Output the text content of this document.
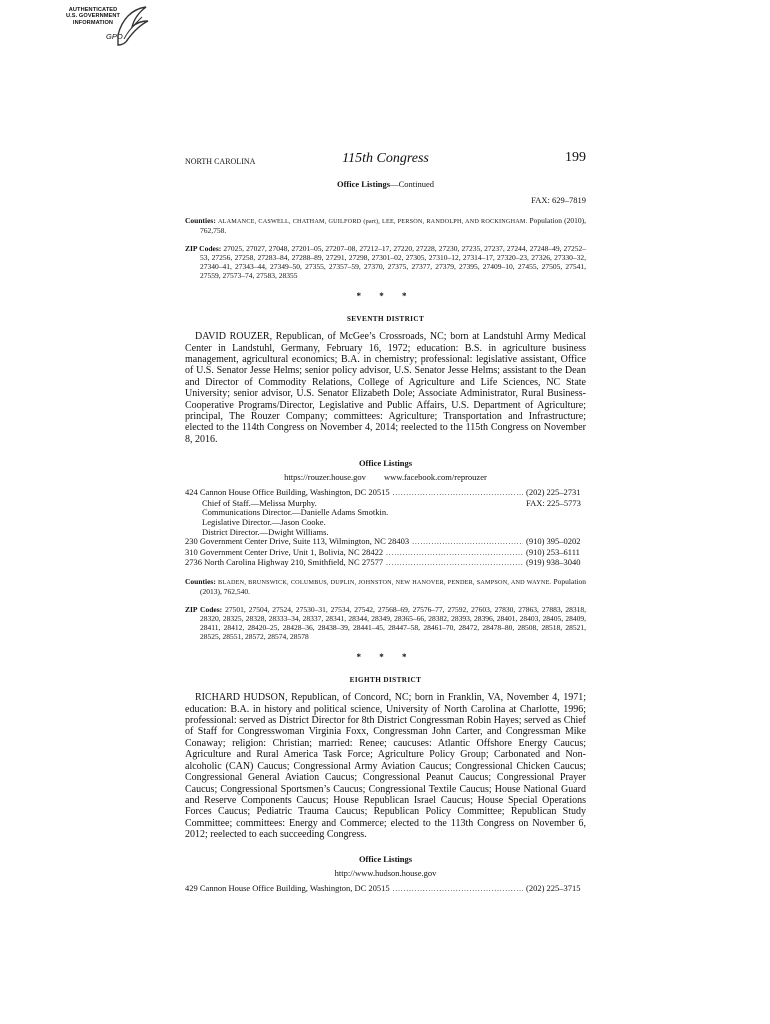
AUTHENTICATED
U.S. GOVERNMENT
INFORMATION
GPO
NORTH CAROLINA	115th Congress	199
Office Listings—Continued
FAX: 629–7819
Counties: ALAMANCE, CASWELL, CHATHAM, GUILFORD (part), LEE, PERSON, RANDOLPH, AND ROCKINGHAM. Population (2010), 762,758.
ZIP Codes: 27025, 27027, 27048, 27201–05, 27207–08, 27212–17, 27220, 27228, 27230, 27235, 27237, 27244, 27248–49, 27252–53, 27256, 27258, 27283–84, 27288–89, 27291, 27298, 27301–02, 27305, 27310–12, 27314–17, 27320–23, 27326, 27330–32, 27340–41, 27343–44, 27349–50, 27355, 27357–59, 27370, 27375, 27377, 27379, 27395, 27409–10, 27455, 27505, 27541, 27559, 27573–74, 27583, 28355
* * *
SEVENTH DISTRICT
DAVID ROUZER, Republican, of McGee’s Crossroads, NC; born at Landstuhl Army Medical Center in Landstuhl, Germany, February 16, 1972; education: B.S. in agriculture business management, agricultural economics; B.A. in chemistry; professional: legislative assistant, Office of U.S. Senator Jesse Helms; senior policy advisor, U.S. Senator Jesse Helms; assistant to the Dean and Director of Commodity Relations, College of Agriculture and Life Sciences, NC State University; senior advisor, U.S. Senator Elizabeth Dole; Associate Administrator, Rural Business-Cooperative Programs/Director, Legislative and Public Affairs, U.S. Department of Agriculture; principal, The Rouzer Company; committees: Agriculture; Transportation and Infrastructure; elected to the 114th Congress on November 4, 2014; reelected to the 115th Congress on November 8, 2016.
Office Listings
https://rouzer.house.gov www.facebook.com/reprouzer
424 Cannon House Office Building, Washington, DC 20515 .....	(202) 225–2731
Chief of Staff.—Melissa Murphy.	FAX: 225–5773
Communications Director.—Danielle Adams Smotkin.
Legislative Director.—Jason Cooke.
District Director.—Dwight Williams.
230 Government Center Drive, Suite 113, Wilmington, NC 28403 .....	(910) 395–0202
310 Government Center Drive, Unit 1, Bolivia, NC 28422 .....	(910) 253–6111
2736 North Carolina Highway 210, Smithfield, NC 27577 .....	(919) 938–3040
Counties: BLADEN, BRUNSWICK, COLUMBUS, DUPLIN, JOHNSTON, NEW HANOVER, PENDER, SAMPSON, AND WAYNE. Population (2013), 762,540.
ZIP Codes: 27501, 27504, 27524, 27530–31, 27534, 27542, 27568–69, 27576–77, 27592, 27603, 27830, 27863, 27883, 28318, 28320, 28325, 28328, 28333–34, 28337, 28341, 28344, 28349, 28365–66, 28382, 28393, 28396, 28401, 28403, 28405, 28409, 28411, 28412, 28420–25, 28428–36, 28438–39, 28441–45, 28447–58, 28461–70, 28472, 28478–80, 28508, 28518, 28521, 28525, 28551, 28572, 28574, 28578
* * *
EIGHTH DISTRICT
RICHARD HUDSON, Republican, of Concord, NC; born in Franklin, VA, November 4, 1971; education: B.A. in history and political science, University of North Carolina at Charlotte, 1996; professional: served as District Director for 8th District Congressman Robin Hayes; served as Chief of Staff for Congresswoman Virginia Foxx, Congressman John Carter, and Congressman Mike Conaway; religion: Christian; married: Renee; caucuses: Atlantic Offshore Energy Caucus; Agriculture and Rural America Task Force; Agriculture Policy Group; Carbonated and Non-alcoholic (CAN) Caucus; Congressional Army Aviation Caucus; Congressional Chicken Caucus; Congressional General Aviation Caucus; Congressional Peanut Caucus; Congressional Prayer Caucus; Congressional Sportsmen’s Caucus; Congressional Textile Caucus; House National Guard and Reserve Components Caucus; House Republican Israel Caucus; House Special Operations Forces Caucus; Pediatric Trauma Caucus; Republican Policy Committee; Republican Study Committee; committees: Energy and Commerce; elected to the 113th Congress on November 6, 2012; reelected to each succeeding Congress.
Office Listings
http://www.hudson.house.gov
429 Cannon House Office Building, Washington, DC 20515 .....	(202) 225–3715
